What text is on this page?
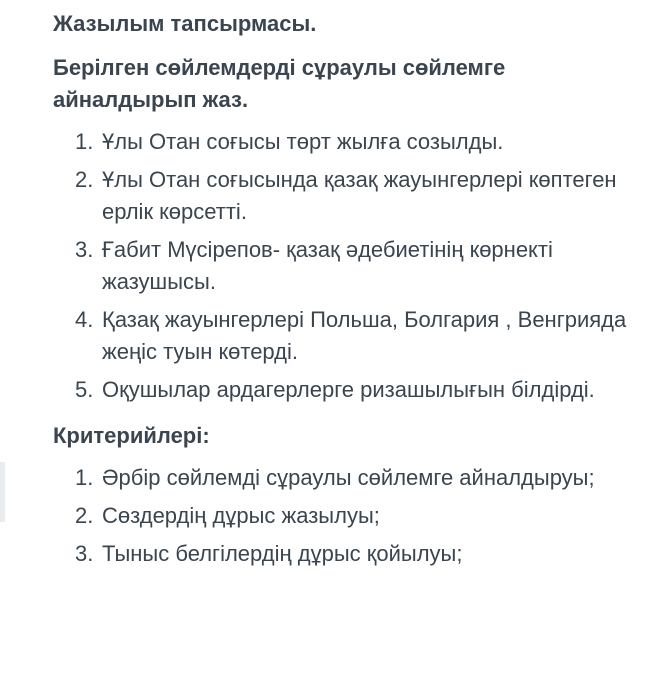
Жазылым тапсырмасы.

Берілген сөйлемдерді сұраулы сөйлемге айналдырып жаз.

1. Ұлы Отан соғысы төрт жылға созылды.
2. Ұлы Отан соғысында қазақ жауынгерлері көптеген ерлік көрсетті.
3. Ғабит Мүсірепов- қазақ әдебиетінің көрнекті жазушысы.
4. Қазақ жауынгерлері Польша, Болгария , Венгрияда жеңіс туын көтерді.
5. Оқушылар ардагерлерге ризашылығын білдірді.

Критерийлері:

1. Әрбір сөйлемді сұраулы сөйлемге айналдыруы;
2. Сөздердің дұрыс жазылуы;
3. Тыныс белгілердің дұрыс қойылуы;
